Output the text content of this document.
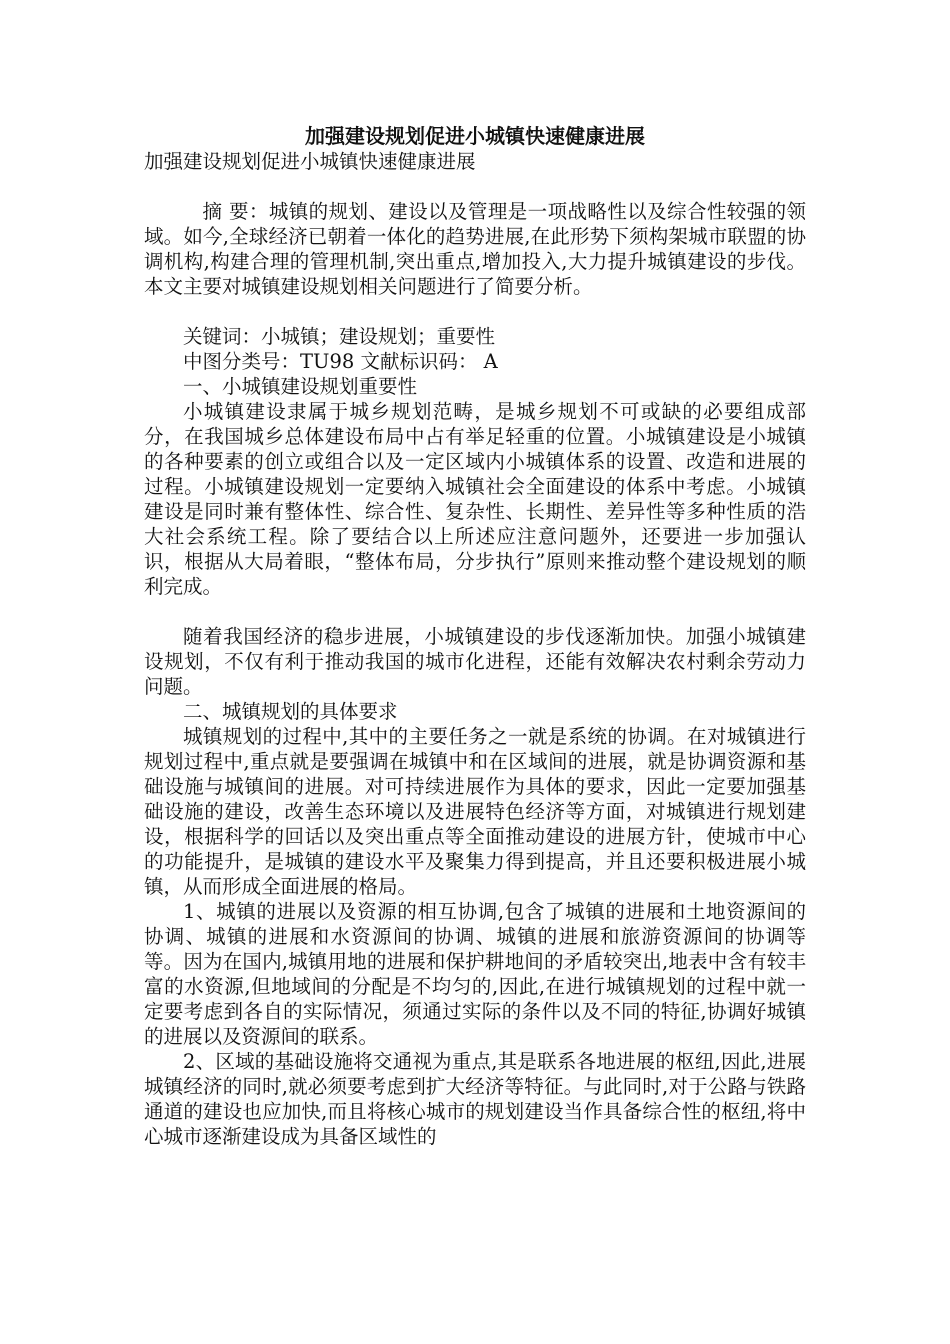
加强建设规划促进小城镇快速健康进展

加强建设规划促进小城镇快速健康进展

摘 要：城镇的规划、建设以及管理是一项战略性以及综合性较强的领域。如今,全球经济已朝着一体化的趋势进展,在此形势下须构架城市联盟的协调机构,构建合理的管理机制,突出重点,增加投入,大力提升城镇建设的步伐。本文主要对城镇建设规划相关问题进行了简要分析。

关键词：小城镇；建设规划；重要性

中图分类号：TU98 文献标识码： A

一、小城镇建设规划重要性

小城镇建设隶属于城乡规划范畴，是城乡规划不可或缺的必要组成部分，在我国城乡总体建设布局中占有举足轻重的位置。小城镇建设是小城镇的各种要素的创立或组合以及一定区域内小城镇体系的设置、改造和进展的过程。小城镇建设规划一定要纳入城镇社会全面建设的体系中考虑。小城镇建设是同时兼有整体性、综合性、复杂性、长期性、差异性等多种性质的浩大社会系统工程。除了要结合以上所述应注意问题外，还要进一步加强认识，根据从大局着眼，“整体布局，分步执行”原则来推动整个建设规划的顺利完成。

随着我国经济的稳步进展，小城镇建设的步伐逐渐加快。加强小城镇建设规划，不仅有利于推动我国的城市化进程，还能有效解决农村剩余劳动力问题。

二、城镇规划的具体要求

城镇规划的过程中,其中的主要任务之一就是系统的协调。在对城镇进行规划过程中,重点就是要强调在城镇中和在区域间的进展，就是协调资源和基础设施与城镇间的进展。对可持续进展作为具体的要求，因此一定要加强基础设施的建设，改善生态环境以及进展特色经济等方面，对城镇进行规划建设，根据科学的回话以及突出重点等全面推动建设的进展方针，使城市中心的功能提升，是城镇的建设水平及聚集力得到提高，并且还要积极进展小城镇，从而形成全面进展的格局。

1、城镇的进展以及资源的相互协调,包含了城镇的进展和土地资源间的协调、城镇的进展和水资源间的协调、城镇的进展和旅游资源间的协调等等。因为在国内,城镇用地的进展和保护耕地间的矛盾较突出,地表中含有较丰富的水资源,但地域间的分配是不均匀的,因此,在进行城镇规划的过程中就一定要考虑到各自的实际情况，须通过实际的条件以及不同的特征,协调好城镇的进展以及资源间的联系。

2、区域的基础设施将交通视为重点,其是联系各地进展的枢纽,因此,进展城镇经济的同时,就必须要考虑到扩大经济等特征。与此同时,对于公路与铁路通道的建设也应加快,而且将核心城市的规划建设当作具备综合性的枢纽,将中心城市逐渐建设成为具备区域性的
